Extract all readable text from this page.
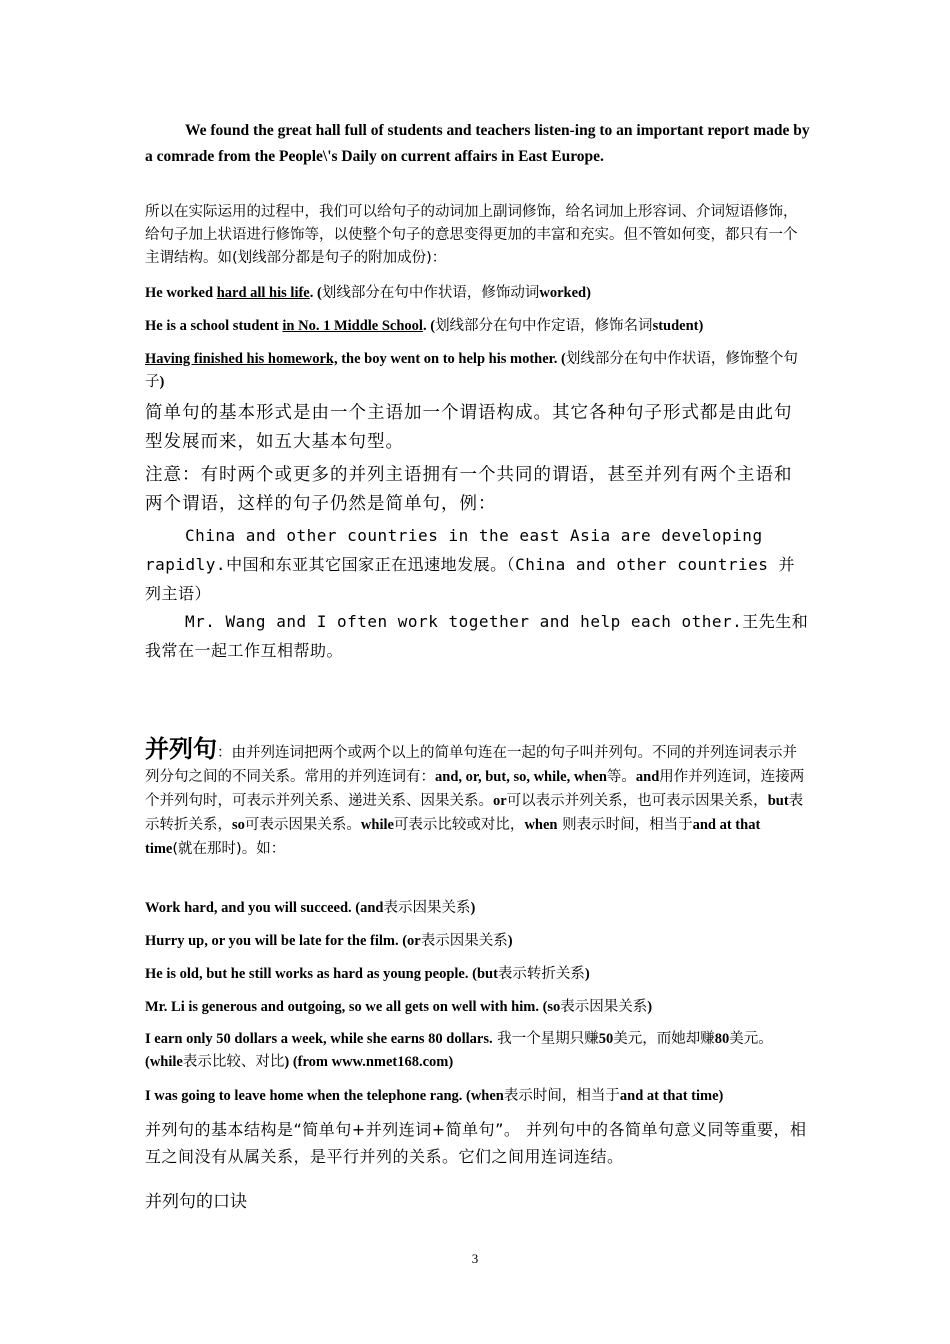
We found the great hall full of students and teachers listen-ing to an important report made by a comrade from the People\'s Daily on current affairs in East Europe.
所以在实际运用的过程中，我们可以给句子的动词加上副词修饰，给名词加上形容词、介词短语修饰，给句子加上状语进行修饰等，以使整个句子的意思变得更加的丰富和充实。但不管如何变，都只有一个主谓结构。如(划线部分都是句子的附加成份)：
He worked hard all his life. (划线部分在句中作状语，修饰动词worked)
He is a school student in No. 1 Middle School. (划线部分在句中作定语，修饰名词student)
Having finished his homework, the boy went on to help his mother. (划线部分在句中作状语，修饰整个句子)
简单句的基本形式是由一个主语加一个谓语构成。其它各种句子形式都是由此句型发展而来，如五大基本句型。
注意：有时两个或更多的并列主语拥有一个共同的谓语，甚至并列有两个主语和两个谓语，这样的句子仍然是简单句，例：
China and other countries in the east Asia are developing rapidly.中国和东亚其它国家正在迅速地发展。（China and other countries 并列主语）
Mr. Wang and I often work together and help each other.王先生和我常在一起工作互相帮助。
并列句：由并列连词把两个或两个以上的简单句连在一起的句子叫并列句。不同的并列连词表示并列分句之间的不同关系。常用的并列连词有：and, or, but, so, while, when等。and用作并列连词，连接两个并列句时，可表示并列关系、递进关系、因果关系。or可以表示并列关系，也可表示因果关系，but表示转折关系，so可表示因果关系。while可表示比较或对比，when 则表示时间，相当于and at that time(就在那时)。如：
Work hard, and you will succeed. (and表示因果关系)
Hurry up, or you will be late for the film. (or表示因果关系)
He is old, but he still works as hard as young people. (but表示转折关系)
Mr. Li is generous and outgoing, so we all gets on well with him. (so表示因果关系)
I earn only 50 dollars a week, while she earns 80 dollars. 我一个星期只赚50美元，而她却赚80美元。(while表示比较、对比) (from www.nmet168.com)
I was going to leave home when the telephone rang. (when表示时间，相当于and at that time)
并列句的基本结构是“简单句+并列连词+简单句”。 并列句中的各简单句意义同等重要，相互之间没有从属关系，是平行并列的关系。它们之间用连词连结。
并列句的口诀
3
